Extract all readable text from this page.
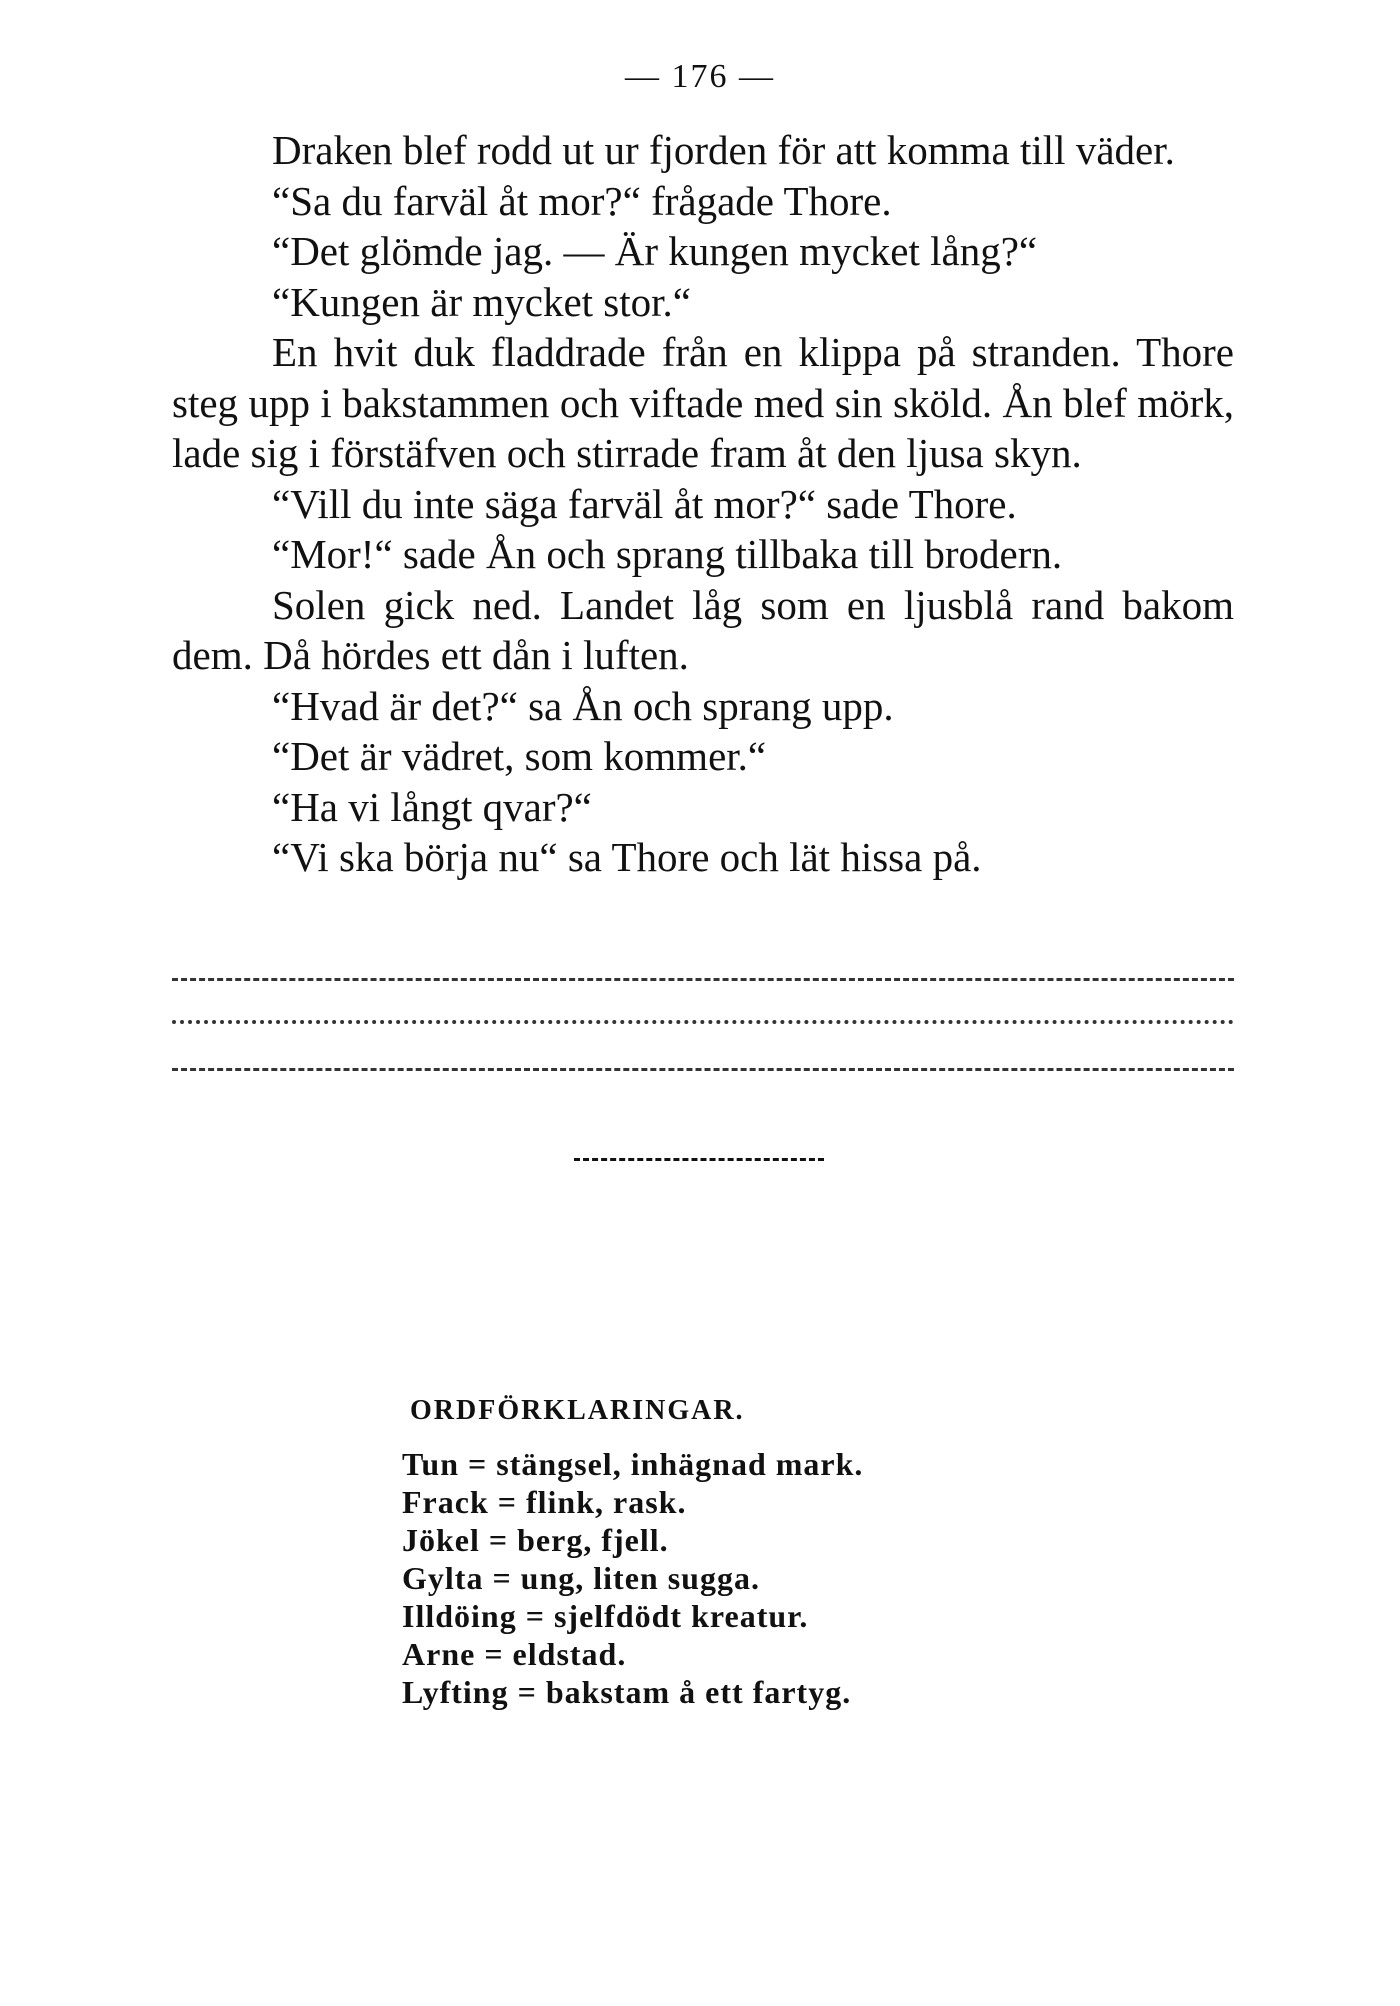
— 176 —

Draken blef rodd ut ur fjorden för att komma till väder.

“Sa du farväl åt mor?“ frågade Thore.

“Det glömde jag. — Är kungen mycket lång?“

“Kungen är mycket stor.“

En hvit duk fladdrade från en klippa på stranden. Thore steg upp i bakstammen och viftade med sin sköld. Ån blef mörk, lade sig i förstäfven och stirrade fram åt den ljusa skyn.

“Vill du inte säga farväl åt mor?“ sade Thore.

“Mor!“ sade Ån och sprang tillbaka till brodern.

Solen gick ned. Landet låg som en ljusblå rand bakom dem. Då hördes ett dån i luften.

“Hvad är det?“ sa Ån och sprang upp.

“Det är vädret, som kommer.“

“Ha vi långt qvar?“

“Vi ska börja nu“ sa Thore och lät hissa på.

ORDFÖRKLARINGAR.
Tun = stängsel, inhägnad mark.
Frack = flink, rask.
Jökel = berg, fjell.
Gylta = ung, liten sugga.
Illdöing = sjelfdödt kreatur.
Arne = eldstad.
Lyfting = bakstam å ett fartyg.
